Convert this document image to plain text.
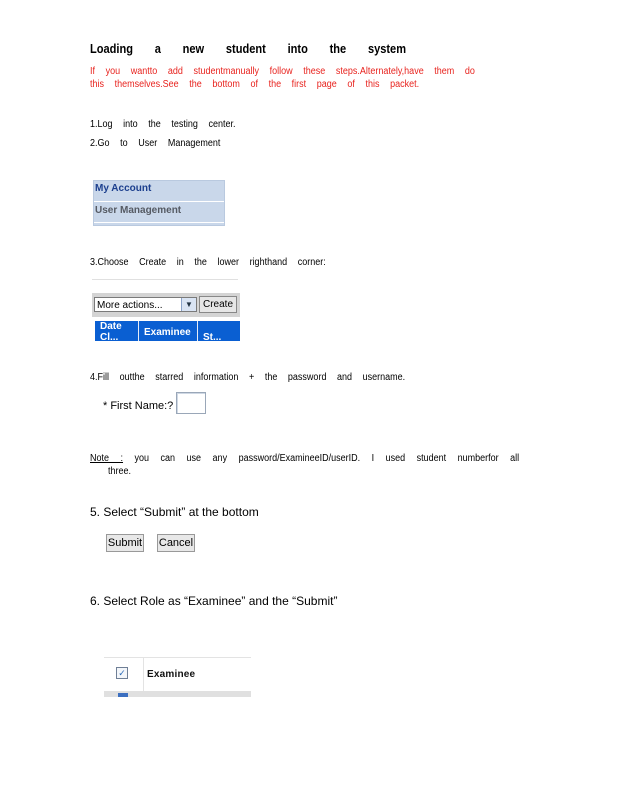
Loading a new student into the system
If you wantto add studentmanually follow these steps.Alternately,have them do
this themselves.See the bottom of the first page of this packet.
1.Log into the testing center.
2.Go to User Management
My Account
User Management
3.Choose Create in the lower righthand corner:
More actions...	▼	Create
Date
Cl...	Examinee	St...
4.Fill outthe starred information + the password and username.
* First Name:?
Note : you can use any password/ExamineeID/userID. I used student numberfor all
three.
5. Select “Submit” at the bottom
Submit Cancel
6. Select Role as “Examinee” and the “Submit”
✓ Examinee
